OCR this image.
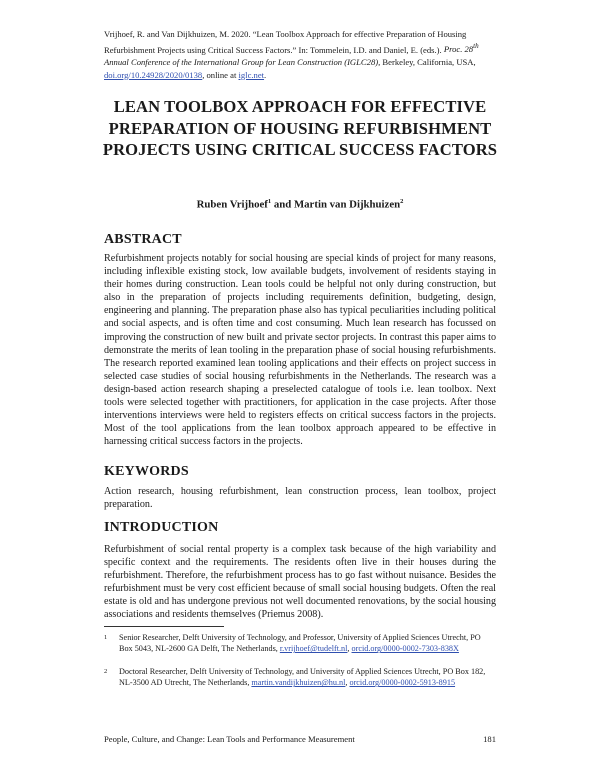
Vrijhoef, R. and Van Dijkhuizen, M. 2020. “Lean Toolbox Approach for effective Preparation of Housing Refurbishment Projects using Critical Success Factors.” In: Tommelein, I.D. and Daniel, E. (eds.). Proc. 28th Annual Conference of the International Group for Lean Construction (IGLC28), Berkeley, California, USA, doi.org/10.24928/2020/0138, online at iglc.net.
LEAN TOOLBOX APPROACH FOR EFFECTIVE PREPARATION OF HOUSING REFURBISHMENT PROJECTS USING CRITICAL SUCCESS FACTORS
Ruben Vrijhoef$^1$ and Martin van Dijkhuizen$^2$
ABSTRACT

Refurbishment projects notably for social housing are special kinds of project for many reasons, including inflexible existing stock, low available budgets, involvement of residents staying in their homes during construction. Lean tools could be helpful not only during construction, but also in the preparation of projects including requirements definition, budgeting, design, engineering and planning. The preparation phase also has typical peculiarities including political and social aspects, and is often time and cost consuming. Much lean research has focussed on improving the construction of new built and private sector projects. In contrast this paper aims to demonstrate the merits of lean tooling in the preparation phase of social housing refurbishments. The research reported examined lean tooling applications and their effects on project success in selected case studies of social housing refurbishments in the Netherlands. The research was a design-based action research shaping a preselected catalogue of tools i.e. lean toolbox. Next tools were selected together with practitioners, for application in the case projects. After those interventions interviews were held to registers effects on critical success factors in the projects. Most of the tool applications from the lean toolbox approach appeared to be effective in harnessing critical success factors in the projects.

KEYWORDS

Action research, housing refurbishment, lean construction process, lean toolbox, project preparation.

INTRODUCTION

Refurbishment of social rental property is a complex task because of the high variability and specific context and the requirements. The residents often live in their houses during the refurbishment. Therefore, the refurbishment process has to go fast without nuisance. Besides the refurbishment must be very cost efficient because of small social housing budgets. Often the real estate is old and has undergone previous not well documented renovations, by the social housing associations and residents themselves (Priemus 2008).

1 Senior Researcher, Delft University of Technology, and Professor, University of Applied Sciences Utrecht, PO Box 5043, NL-2600 GA Delft, The Netherlands, r.vrijhoef@tudelft.nl, orcid.org/0000-0002-7303-838X
2 Doctoral Researcher, Delft University of Technology, and University of Applied Sciences Utrecht, PO Box 182, NL-3500 AD Utrecht, The Netherlands, martin.vandijkhuizen@hu.nl, orcid.org/0000-0002-5913-8915
People, Culture, and Change: Lean Tools and Performance Measurement	181
